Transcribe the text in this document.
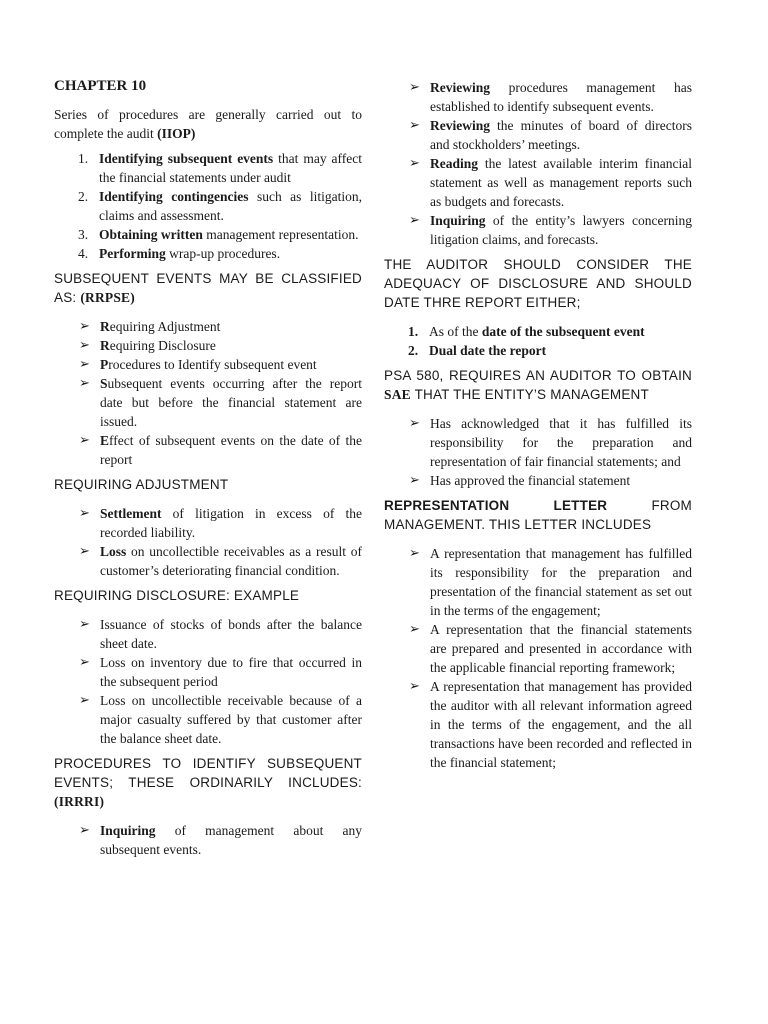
CHAPTER 10

Series of procedures are generally carried out to complete the audit (IIOP)

1. Identifying subsequent events that may affect the financial statements under audit
2. Identifying contingencies such as litigation, claims and assessment.
3. Obtaining written management representation.
4. Performing wrap-up procedures.
SUBSEQUENT EVENTS MAY BE CLASSIFIED AS: (RRPSE)
➢ Requiring Adjustment
➢ Requiring Disclosure
➢ Procedures to Identify subsequent event
➢ Subsequent events occurring after the report date but before the financial statement are issued.
➢ Effect of subsequent events on the date of the report
REQUIRING ADJUSTMENT
➢ Settlement of litigation in excess of the recorded liability.
➢ Loss on uncollectible receivables as a result of customer’s deteriorating financial condition.
REQUIRING DISCLOSURE: EXAMPLE
➢ Issuance of stocks of bonds after the balance sheet date.
➢ Loss on inventory due to fire that occurred in the subsequent period
➢ Loss on uncollectible receivable because of a major casualty suffered by that customer after the balance sheet date.
PROCEDURES TO IDENTIFY SUBSEQUENT EVENTS; THESE ORDINARILY INCLUDES: (IRRRI)
➢ Inquiring of management about any subsequent events.
➢ Reviewing procedures management has established to identify subsequent events.
➢ Reviewing the minutes of board of directors and stockholders’ meetings.
➢ Reading the latest available interim financial statement as well as management reports such as budgets and forecasts.
➢ Inquiring of the entity’s lawyers concerning litigation claims, and forecasts.
THE AUDITOR SHOULD CONSIDER THE ADEQUACY OF DISCLOSURE AND SHOULD DATE THRE REPORT EITHER;
1. As of the date of the subsequent event
2. Dual date the report
PSA 580, REQUIRES AN AUDITOR TO OBTAIN SAE THAT THE ENTITY’S MANAGEMENT
➢ Has acknowledged that it has fulfilled its responsibility for the preparation and representation of fair financial statements; and
➢ Has approved the financial statement
REPRESENTATION LETTER FROM MANAGEMENT. THIS LETTER INCLUDES
➢ A representation that management has fulfilled its responsibility for the preparation and presentation of the financial statement as set out in the terms of the engagement;
➢ A representation that the financial statements are prepared and presented in accordance with the applicable financial reporting framework;
➢ A representation that management has provided the auditor with all relevant information agreed in the terms of the engagement, and the all transactions have been recorded and reflected in the financial statement;
